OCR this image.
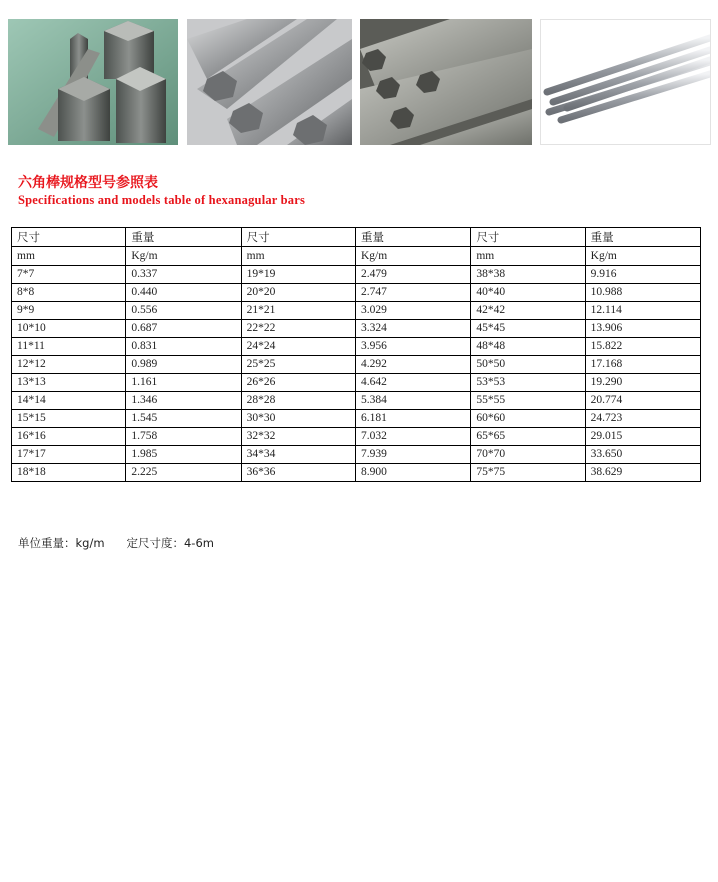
六角棒规格型号参照表
Specifications and models table of hexanagular bars
尺寸	重量	尺寸	重量	尺寸	重量
mm	Kg/m	mm	Kg/m	mm	Kg/m
7*7	0.337	19*19	2.479	38*38	9.916
8*8	0.440	20*20	2.747	40*40	10.988
9*9	0.556	21*21	3.029	42*42	12.114
10*10	0.687	22*22	3.324	45*45	13.906
11*11	0.831	24*24	3.956	48*48	15.822
12*12	0.989	25*25	4.292	50*50	17.168
13*13	1.161	26*26	4.642	53*53	19.290
14*14	1.346	28*28	5.384	55*55	20.774
15*15	1.545	30*30	6.181	60*60	24.723
16*16	1.758	32*32	7.032	65*65	29.015
17*17	1.985	34*34	7.939	70*70	33.650
18*18	2.225	36*36	8.900	75*75	38.629
单位重量：kg/m 定尺寸度：4-6m
